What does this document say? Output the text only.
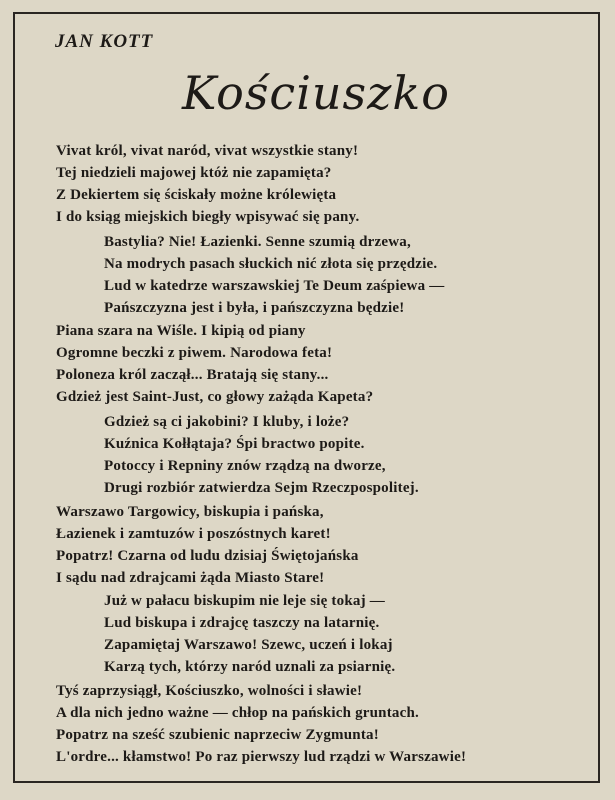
JAN KOTT
Kościuszko
Vivat król, vivat naród, vivat wszystkie stany!
Tej niedzieli majowej któż nie zapamięta?
Z Dekiertem się ściskały możne królewięta
I do ksiąg miejskich biegły wpisywać się pany.
Bastylia? Nie! Łazienki. Senne szumią drzewa,
Na modrych pasach słuckich nić złota się przędzie.
Lud w katedrze warszawskiej Te Deum zaśpiewa —
Pańszczyzna jest i była, i pańszczyzna będzie!
Piana szara na Wiśle. I kipią od piany
Ogromne beczki z piwem. Narodowa feta!
Poloneza król zaczął... Bratają się stany...
Gdzież jest Saint-Just, co głowy zażąda Kapeta?
Gdzież są ci jakobini? I kluby, i loże?
Kuźnica Kołłątaja? Śpi bractwo popite.
Potoccy i Repniny znów rządzą na dworze,
Drugi rozbiór zatwierdza Sejm Rzeczpospolitej.
Warszawo Targowicy, biskupia i pańska,
Łazienek i zamtuzów i poszóstnych karet!
Popatrz! Czarna od ludu dzisiaj Świętojańska
I sądu nad zdrajcami żąda Miasto Stare!
Już w pałacu biskupim nie leje się tokaj —
Lud biskupa i zdrajcę taszczy na latarnię.
Zapamiętaj Warszawo! Szewc, uczeń i lokaj
Karzą tych, którzy naród uznali za psiarnię.
Tyś zaprzysiągł, Kościuszko, wolności i sławie!
A dla nich jedno ważne — chłop na pańskich gruntach.
Popatrz na sześć szubienic naprzeciw Zygmunta!
L'ordre... kłamstwo! Po raz pierwszy lud rządzi w Warszawie!
